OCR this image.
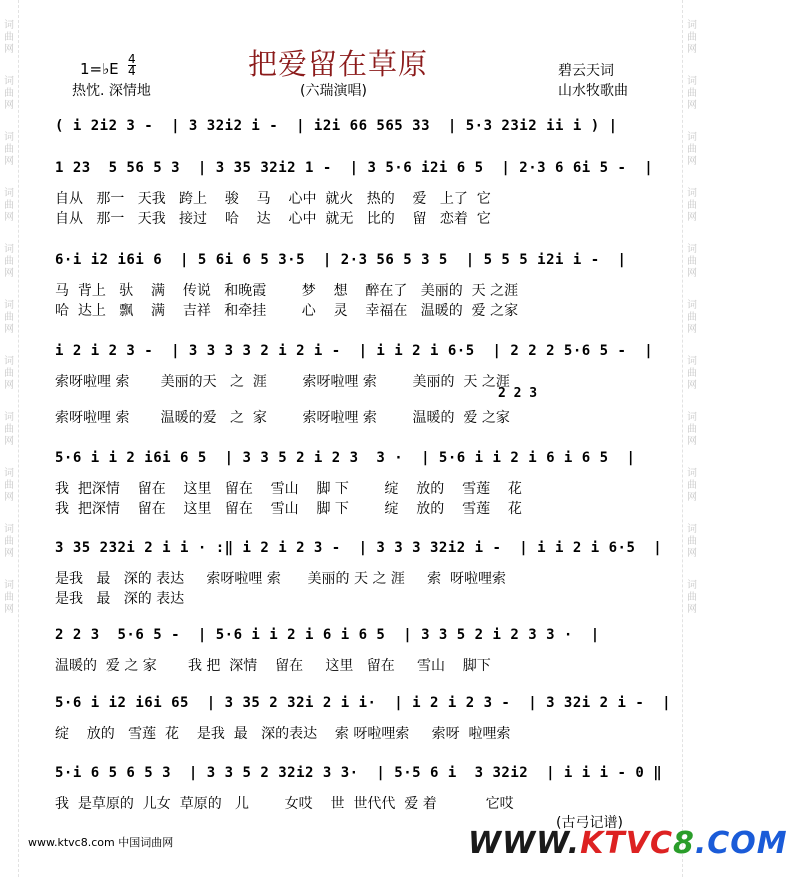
词
曲
网
词
曲
网
词
曲
网
词
曲
网
词
曲
网
词
曲
网
词
曲
网
词
曲
网
词
曲
网
词
曲
网
词
曲
网
词
曲
网
词
曲
网
词
曲
网
词
曲
网
词
曲
网
词
曲
网
词
曲
网
词
曲
网
词
曲
网
词
曲
网
词
曲
网
1=♭E
4
4	把爱留在草原
热忱. 深情地	(六瑞演唱)
碧云天词
山水牧歌曲
( i 2i2 3 -  | 3 32i2 i -  | i2i 66 565 33  | 5·3 23i2 ii i ) |
1 23  5 56 5 3  | 3 35 32i2 1 -  | 3 5·6 i2i 6 5  | 2·3 6 6i 5 -  |
自从   那一   天我   跨上    骏    马    心中  就火   热的    爱   上了  它
自从   那一   天我   接过    哈    达    心中  就无   比的    留   恋着  它
6·i i2 i6i 6  | 5 6i 6 5 3·5  | 2·3 56 5 3 5  | 5 5 5 i2i i -  |
马  背上   驮    满    传说   和晚霞        梦    想    醉在了   美丽的  天 之涯
哈  达上   飘    满    吉祥   和牵挂        心    灵    幸福在   温暖的  爱 之家
i 2 i 2 3 -  | 3 3 3 3 2 i 2 i -  | i i 2 i 6·5  | 2 2 2 5·6 5 -  |
索呀啦哩 索       美丽的天   之  涯        索呀啦哩 索        美丽的  天 之涯
2 2 3
索呀啦哩 索       温暖的爱   之  家        索呀啦哩 索        温暖的  爱 之家
5·6 i i 2 i6i 6 5  | 3 3 5 2 i 2 3  3 ·  | 5·6 i i 2 i 6 i 6 5  |
我  把深情    留在    这里   留在    雪山    脚 下        绽    放的    雪莲    花
我  把深情    留在    这里   留在    雪山    脚 下        绽    放的    雪莲    花
3 35 232i 2 i i · :‖ i 2 i 2 3 -  | 3 3 3 32i2 i -  | i i 2 i 6·5  |
是我   最   深的 表达     索呀啦哩 索      美丽的 天 之 涯     索  呀啦哩索
是我   最   深的 表达
2 2 3  5·6 5 -  | 5·6 i i 2 i 6 i 6 5  | 3 3 5 2 i 2 3 3 ·  |
温暖的  爱 之 家       我 把  深情    留在     这里   留在     雪山    脚下
5·6 i i2 i6i 65  | 3 35 2 32i 2 i i·  | i 2 i 2 3 -  | 3 32i 2 i -  |
绽    放的   雪莲  花    是我  最   深的表达    索 呀啦哩索     索呀  啦哩索
5·i 6 5 6 5 3  | 3 3 5 2 32i2 3 3·  | 5·5 6 i  3 32i2  | i i i - 0 ‖
我  是草原的  儿女  草原的   儿        女哎    世  世代代  爱 着           它哎
(古弓记谱)
www.ktvc8.com 中国词曲网	WWW.KTVC8.COM
